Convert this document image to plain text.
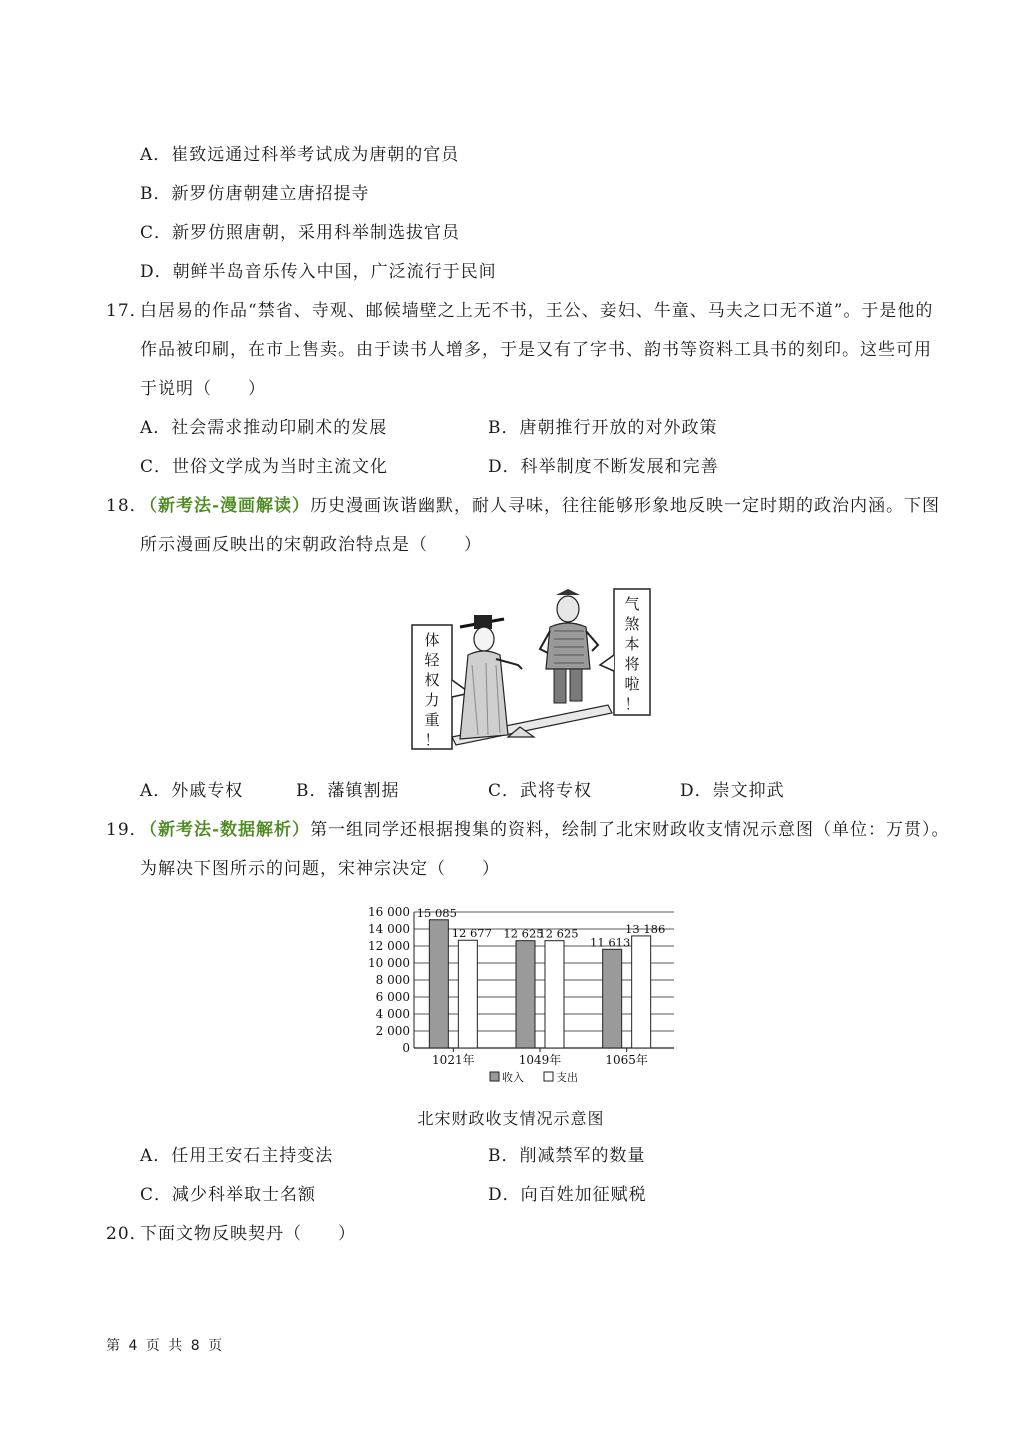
A．崔致远通过科举考试成为唐朝的官员
B．新罗仿唐朝建立唐招提寺
C．新罗仿照唐朝，采用科举制选拔官员
D．朝鲜半岛音乐传入中国，广泛流行于民间
17．
白居易的作品“禁省、寺观、邮候墙壁之上无不书，王公、妾妇、牛童、马夫之口无不道”。于是他的
作品被印刷，在市上售卖。由于读书人增多，于是又有了字书、韵书等资料工具书的刻印。这些可用
于说明（　　）
A．社会需求推动印刷术的发展	B．唐朝推行开放的对外政策
C．世俗文学成为当时主流文化	D．科举制度不断发展和完善
18．
（新考法-漫画解读）历史漫画诙谐幽默，耐人寻味，往往能够形象地反映一定时期的政治内涵。下图
所示漫画反映出的宋朝政治特点是（　　）
体
轻
权
力
重
！
气
煞
本
将
啦
！
A．外戚专权	B．藩镇割据	C．武将专权	D．崇文抑武
19．
（新考法-数据解析）第一组同学还根据搜集的资料，绘制了北宋财政收支情况示意图（单位：万贯）。
为解决下图所示的问题，宋神宗决定（　　）
0
2 000
4 000
6 000
8 000
10 000
12 000
14 000
16 000 15 085
12 677
1021年
12 625
12 625
1049年
11 613
13 186
1065年
收入	支出
北宋财政收支情况示意图
A．任用王安石主持变法	B．削减禁军的数量
C．减少科举取士名额	D．向百姓加征赋税
20．
下面文物反映契丹（　　）
第 4 页 共 8 页
